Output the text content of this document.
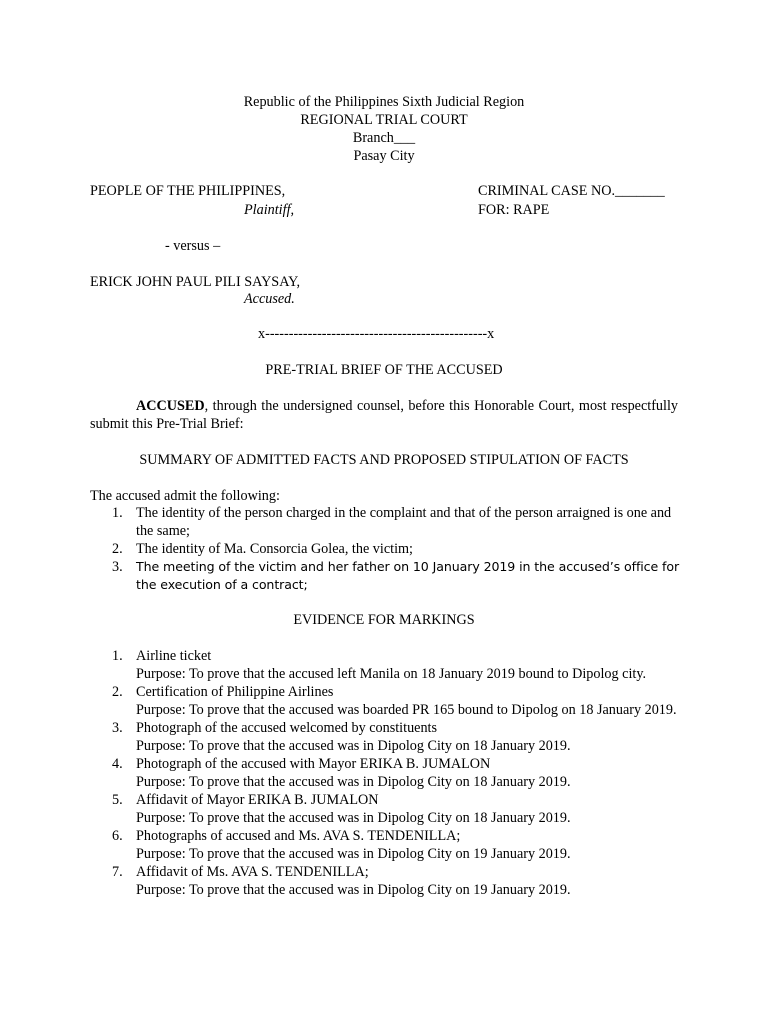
Republic of the Philippines Sixth Judicial Region
REGIONAL TRIAL COURT
Branch___
Pasay City
PEOPLE OF THE PHILIPPINES,
Plaintiff,
CRIMINAL CASE NO._______
FOR: RAPE
- versus –
ERICK JOHN PAUL PILI SAYSAY,
Accused.
x-----------------------------------------------x
PRE-TRIAL BRIEF OF THE ACCUSED
ACCUSED, through the undersigned counsel, before this Honorable Court, most respectfully submit this Pre-Trial Brief:
SUMMARY OF ADMITTED FACTS AND PROPOSED STIPULATION OF FACTS
The accused admit the following:
1. The identity of the person charged in the complaint and that of the person arraigned is one and the same;
2. The identity of Ma. Consorcia Golea, the victim;
3. The meeting of the victim and her father on 10 January 2019 in the accused’s office for the execution of a contract;
EVIDENCE FOR MARKINGS
1. Airline ticket
Purpose: To prove that the accused left Manila on 18 January 2019 bound to Dipolog city.
2. Certification of Philippine Airlines
Purpose: To prove that the accused was boarded PR 165 bound to Dipolog on 18 January 2019.
3. Photograph of the accused welcomed by constituents
Purpose: To prove that the accused was in Dipolog City on 18 January 2019.
4. Photograph of the accused with Mayor ERIKA B. JUMALON
Purpose: To prove that the accused was in Dipolog City on 18 January 2019.
5. Affidavit of Mayor ERIKA B. JUMALON
Purpose: To prove that the accused was in Dipolog City on 18 January 2019.
6. Photographs of accused and Ms. AVA S. TENDENILLA;
Purpose: To prove that the accused was in Dipolog City on 19 January 2019.
7. Affidavit of Ms. AVA S. TENDENILLA;
Purpose: To prove that the accused was in Dipolog City on 19 January 2019.
